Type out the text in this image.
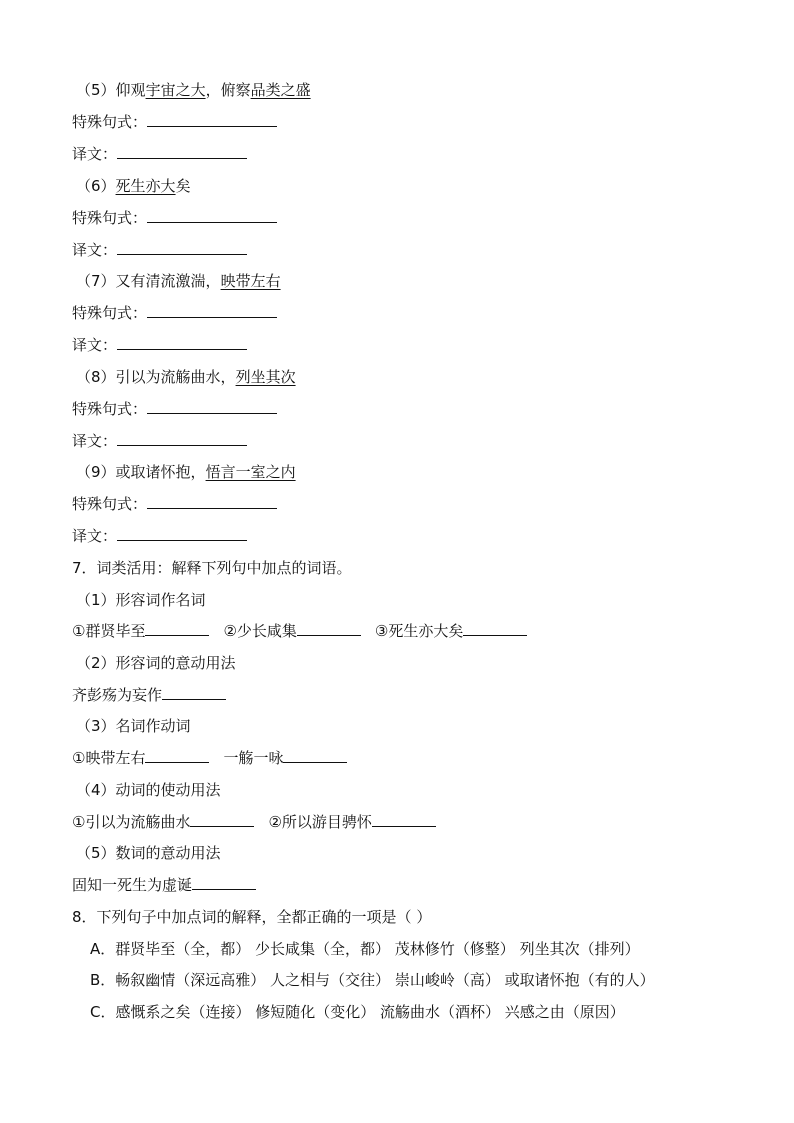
（5）仰观宇宙之大，俯察品类之盛
特殊句式：
译文：
（6）死生亦大矣
特殊句式：
译文：
（7）又有清流激湍，映带左右
特殊句式：
译文：
（8）引以为流觞曲水，列坐其次
特殊句式：
译文：
（9）或取诸怀抱，悟言一室之内
特殊句式：
译文：
7．词类活用：解释下列句中加点的词语。
（1）形容词作名词
①群贤毕至	②少长咸集	③死生亦大矣
（2）形容词的意动用法
齐彭殇为妄作
（3）名词作动词
①映带左右	一觞一咏
（4）动词的使动用法
①引以为流觞曲水	②所以游目骋怀
（5）数词的意动用法
固知一死生为虚诞
8．下列句子中加点词的解释，全都正确的一项是（ ）
A．群贤毕至（全，都） 少长咸集（全，都） 茂林修竹（修整） 列坐其次（排列）
B．畅叙幽情（深远高雅） 人之相与（交往） 崇山峻岭（高） 或取诸怀抱（有的人）
C．感慨系之矣（连接） 修短随化（变化） 流觞曲水（酒杯） 兴感之由（原因）
